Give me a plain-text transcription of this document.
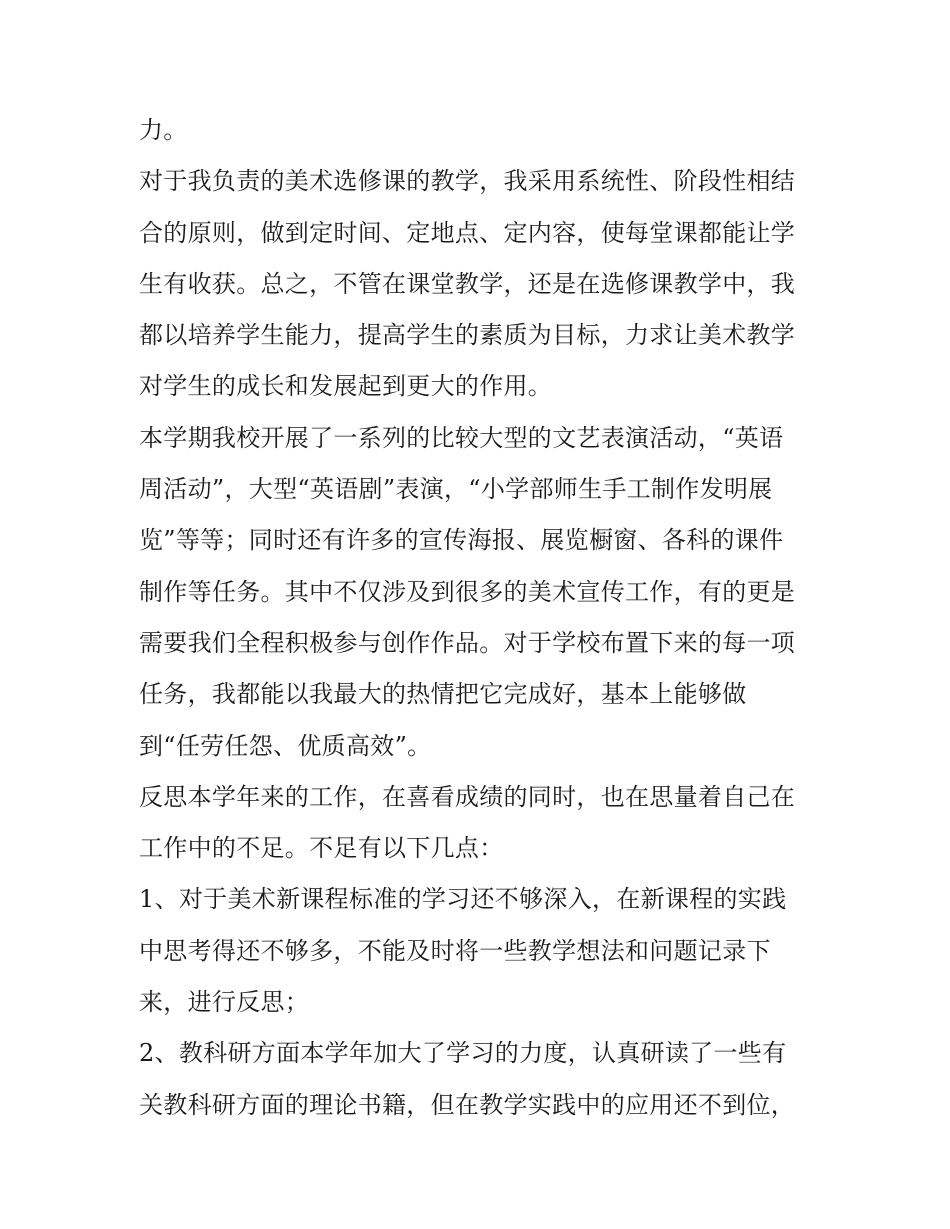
力。
对于我负责的美术选修课的教学，我采用系统性、阶段性相结
合的原则，做到定时间、定地点、定内容，使每堂课都能让学
生有收获。总之，不管在课堂教学，还是在选修课教学中，我
都以培养学生能力，提高学生的素质为目标，力求让美术教学
对学生的成长和发展起到更大的作用。
本学期我校开展了一系列的比较大型的文艺表演活动，“英语
周活动”，大型“英语剧”表演，“小学部师生手工制作发明展
览”等等；同时还有许多的宣传海报、展览橱窗、各科的课件
制作等任务。其中不仅涉及到很多的美术宣传工作，有的更是
需要我们全程积极参与创作作品。对于学校布置下来的每一项
任务，我都能以我最大的热情把它完成好，基本上能够做
到“任劳任怨、优质高效”。
反思本学年来的工作，在喜看成绩的同时，也在思量着自己在
工作中的不足。不足有以下几点：
1、对于美术新课程标准的学习还不够深入，在新课程的实践
中思考得还不够多，不能及时将一些教学想法和问题记录下
来，进行反思；
2、教科研方面本学年加大了学习的力度，认真研读了一些有
关教科研方面的理论书籍，但在教学实践中的应用还不到位，
